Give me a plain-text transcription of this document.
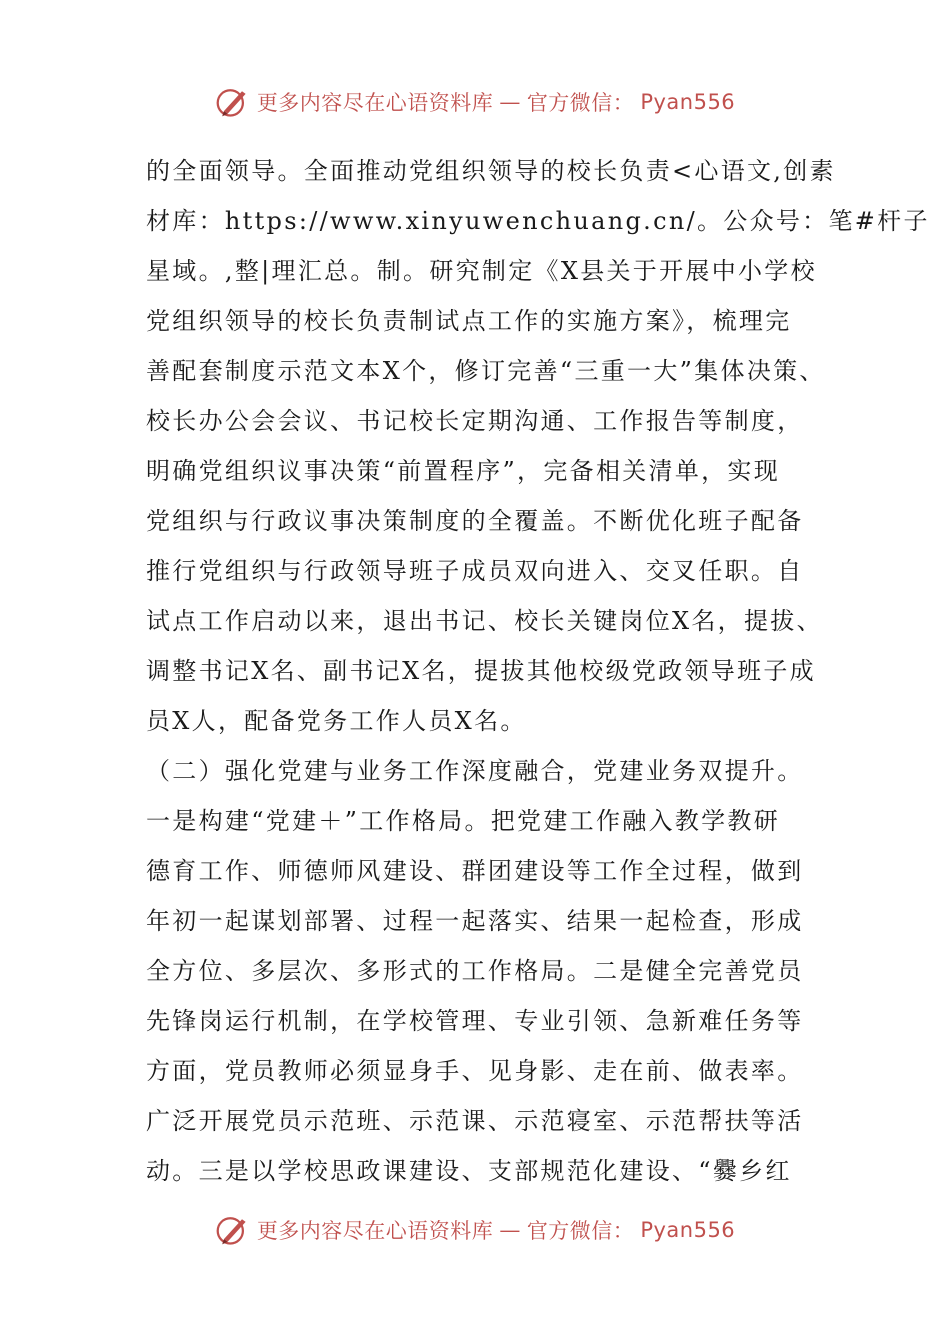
更多内容尽在心语资料库 — 官方微信： Pyan556
的全面领导。全面推动党组织领导的校长负责<心语文,创素
材库：https://www.xinyuwenchuang.cn/。公众号：笔#杆子
星域。,整|理汇总。制。研究制定《X县关于开展中小学校
党组织领导的校长负责制试点工作的实施方案》，梳理完
善配套制度示范文本X个，修订完善“三重一大”集体决策、
校长办公会会议、书记校长定期沟通、工作报告等制度，
明确党组织议事决策“前置程序”，完备相关清单，实现
党组织与行政议事决策制度的全覆盖。不断优化班子配备
推行党组织与行政领导班子成员双向进入、交叉任职。自
试点工作启动以来，退出书记、校长关键岗位X名，提拔、
调整书记X名、副书记X名，提拔其他校级党政领导班子成
员X人，配备党务工作人员X名。
（二）强化党建与业务工作深度融合，党建业务双提升。
一是构建“党建＋”工作格局。把党建工作融入教学教研
德育工作、师德师风建设、群团建设等工作全过程，做到
年初一起谋划部署、过程一起落实、结果一起检查，形成
全方位、多层次、多形式的工作格局。二是健全完善党员
先锋岗运行机制，在学校管理、专业引领、急新难任务等
方面，党员教师必须显身手、见身影、走在前、做表率。
广泛开展党员示范班、示范课、示范寝室、示范帮扶等活
动。三是以学校思政课建设、支部规范化建设、“爨乡红
更多内容尽在心语资料库 — 官方微信： Pyan556
